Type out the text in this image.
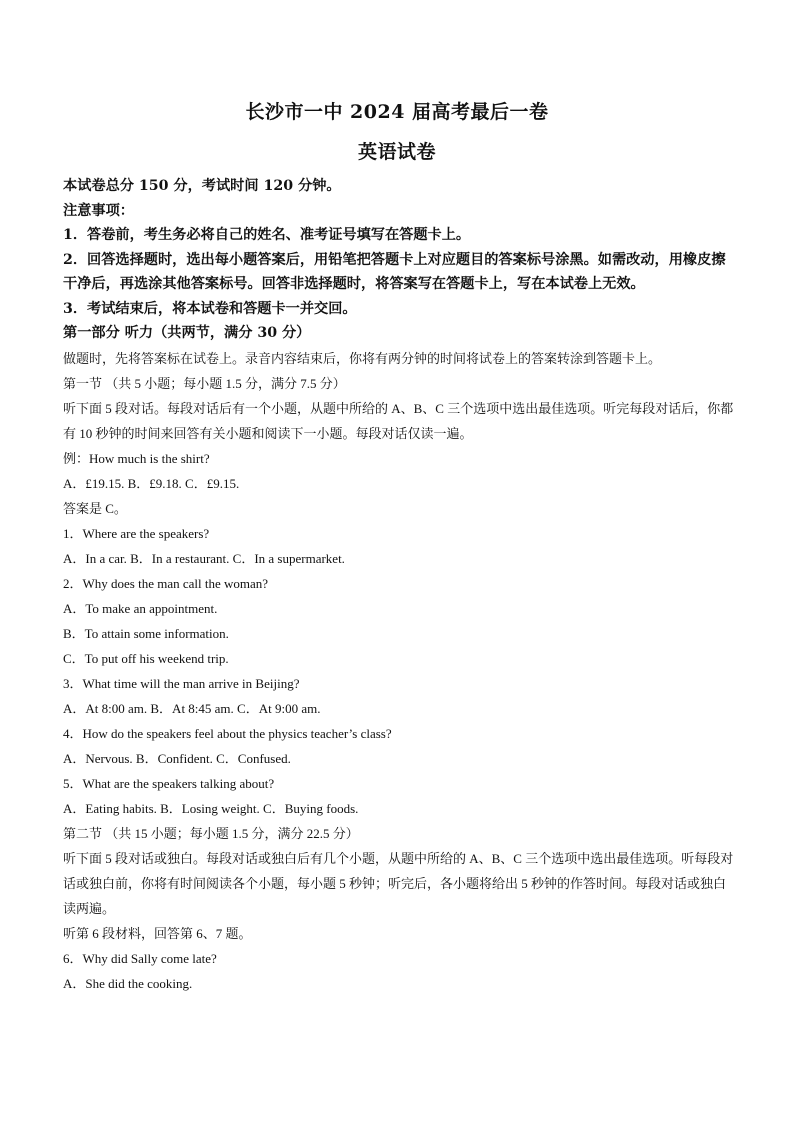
长沙市一中 2024 届高考最后一卷
英语试卷

本试卷总分 150 分，考试时间 120 分钟。

注意事项：

1．答卷前，考生务必将自己的姓名、准考证号填写在答题卡上。

2．回答选择题时，选出每小题答案后，用铅笔把答题卡上对应题目的答案标号涂黑。如需改动，用橡皮擦干净后，再选涂其他答案标号。回答非选择题时，将答案写在答题卡上，写在本试卷上无效。

3．考试结束后，将本试卷和答题卡一并交回。

第一部分 听力（共两节，满分 30 分）

做题时，先将答案标在试卷上。录音内容结束后，你将有两分钟的时间将试卷上的答案转涂到答题卡上。

第一节 （共 5 小题；每小题 1.5 分，满分 7.5 分）

听下面 5 段对话。每段对话后有一个小题，从题中所给的 A、B、C 三个选项中选出最佳选项。听完每段对话后，你都有 10 秒钟的时间来回答有关小题和阅读下一小题。每段对话仅读一遍。

例：How much is the shirt?

A．£19.15. B．£9.18. C．£9.15.

答案是 C。

1．Where are the speakers?

A．In a car. B．In a restaurant. C．In a supermarket.

2．Why does the man call the woman?

A．To make an appointment.

B．To attain some information.

C．To put off his weekend trip.

3．What time will the man arrive in Beijing?

A．At 8:00 am. B．At 8:45 am. C．At 9:00 am.

4．How do the speakers feel about the physics teacher’s class?

A．Nervous. B．Confident. C．Confused.

5．What are the speakers talking about?

A．Eating habits. B．Losing weight. C．Buying foods.

第二节 （共 15 小题；每小题 1.5 分，满分 22.5 分）

听下面 5 段对话或独白。每段对话或独白后有几个小题，从题中所给的 A、B、C 三个选项中选出最佳选项。听每段对话或独白前，你将有时间阅读各个小题，每小题 5 秒钟；听完后，各小题将给出 5 秒钟的作答时间。每段对话或独白读两遍。

听第 6 段材料，回答第 6、7 题。

6．Why did Sally come late?

A．She did the cooking.
